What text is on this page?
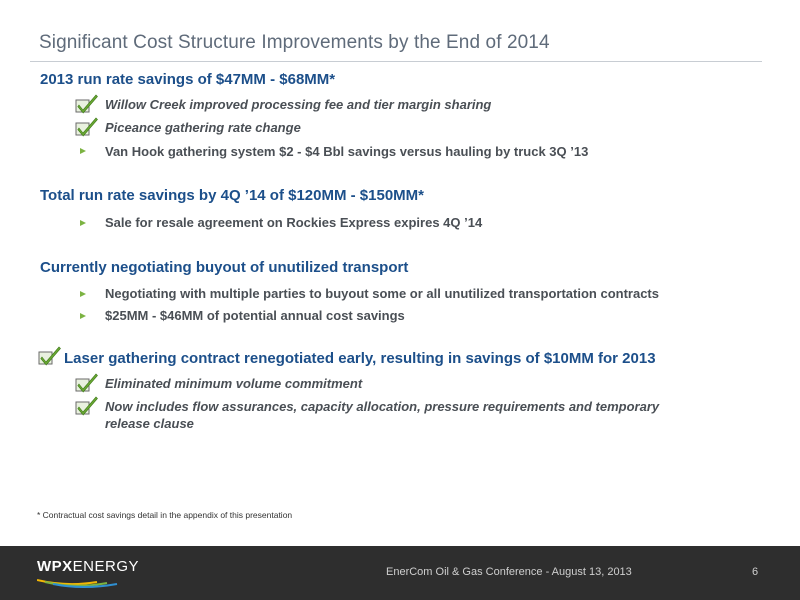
Significant Cost Structure Improvements by the End of 2014
2013 run rate savings of $47MM - $68MM*
Willow Creek improved processing fee and tier margin sharing
Piceance gathering rate change
Van Hook gathering system $2 - $4 Bbl savings versus hauling by truck 3Q ’13
Total run rate savings by 4Q ’14 of $120MM - $150MM*
Sale for resale agreement on Rockies Express expires 4Q ’14
Currently negotiating buyout of unutilized transport
Negotiating with multiple parties to buyout some or all unutilized transportation contracts
$25MM - $46MM of potential annual cost savings
Laser gathering contract renegotiated early, resulting in savings of $10MM for 2013
Eliminated minimum volume commitment
Now includes flow assurances, capacity allocation, pressure requirements and temporary
release clause
* Contractual cost savings detail in the appendix of this presentation
WPXENERGY	EnerCom Oil & Gas Conference - August 13, 2013	6
